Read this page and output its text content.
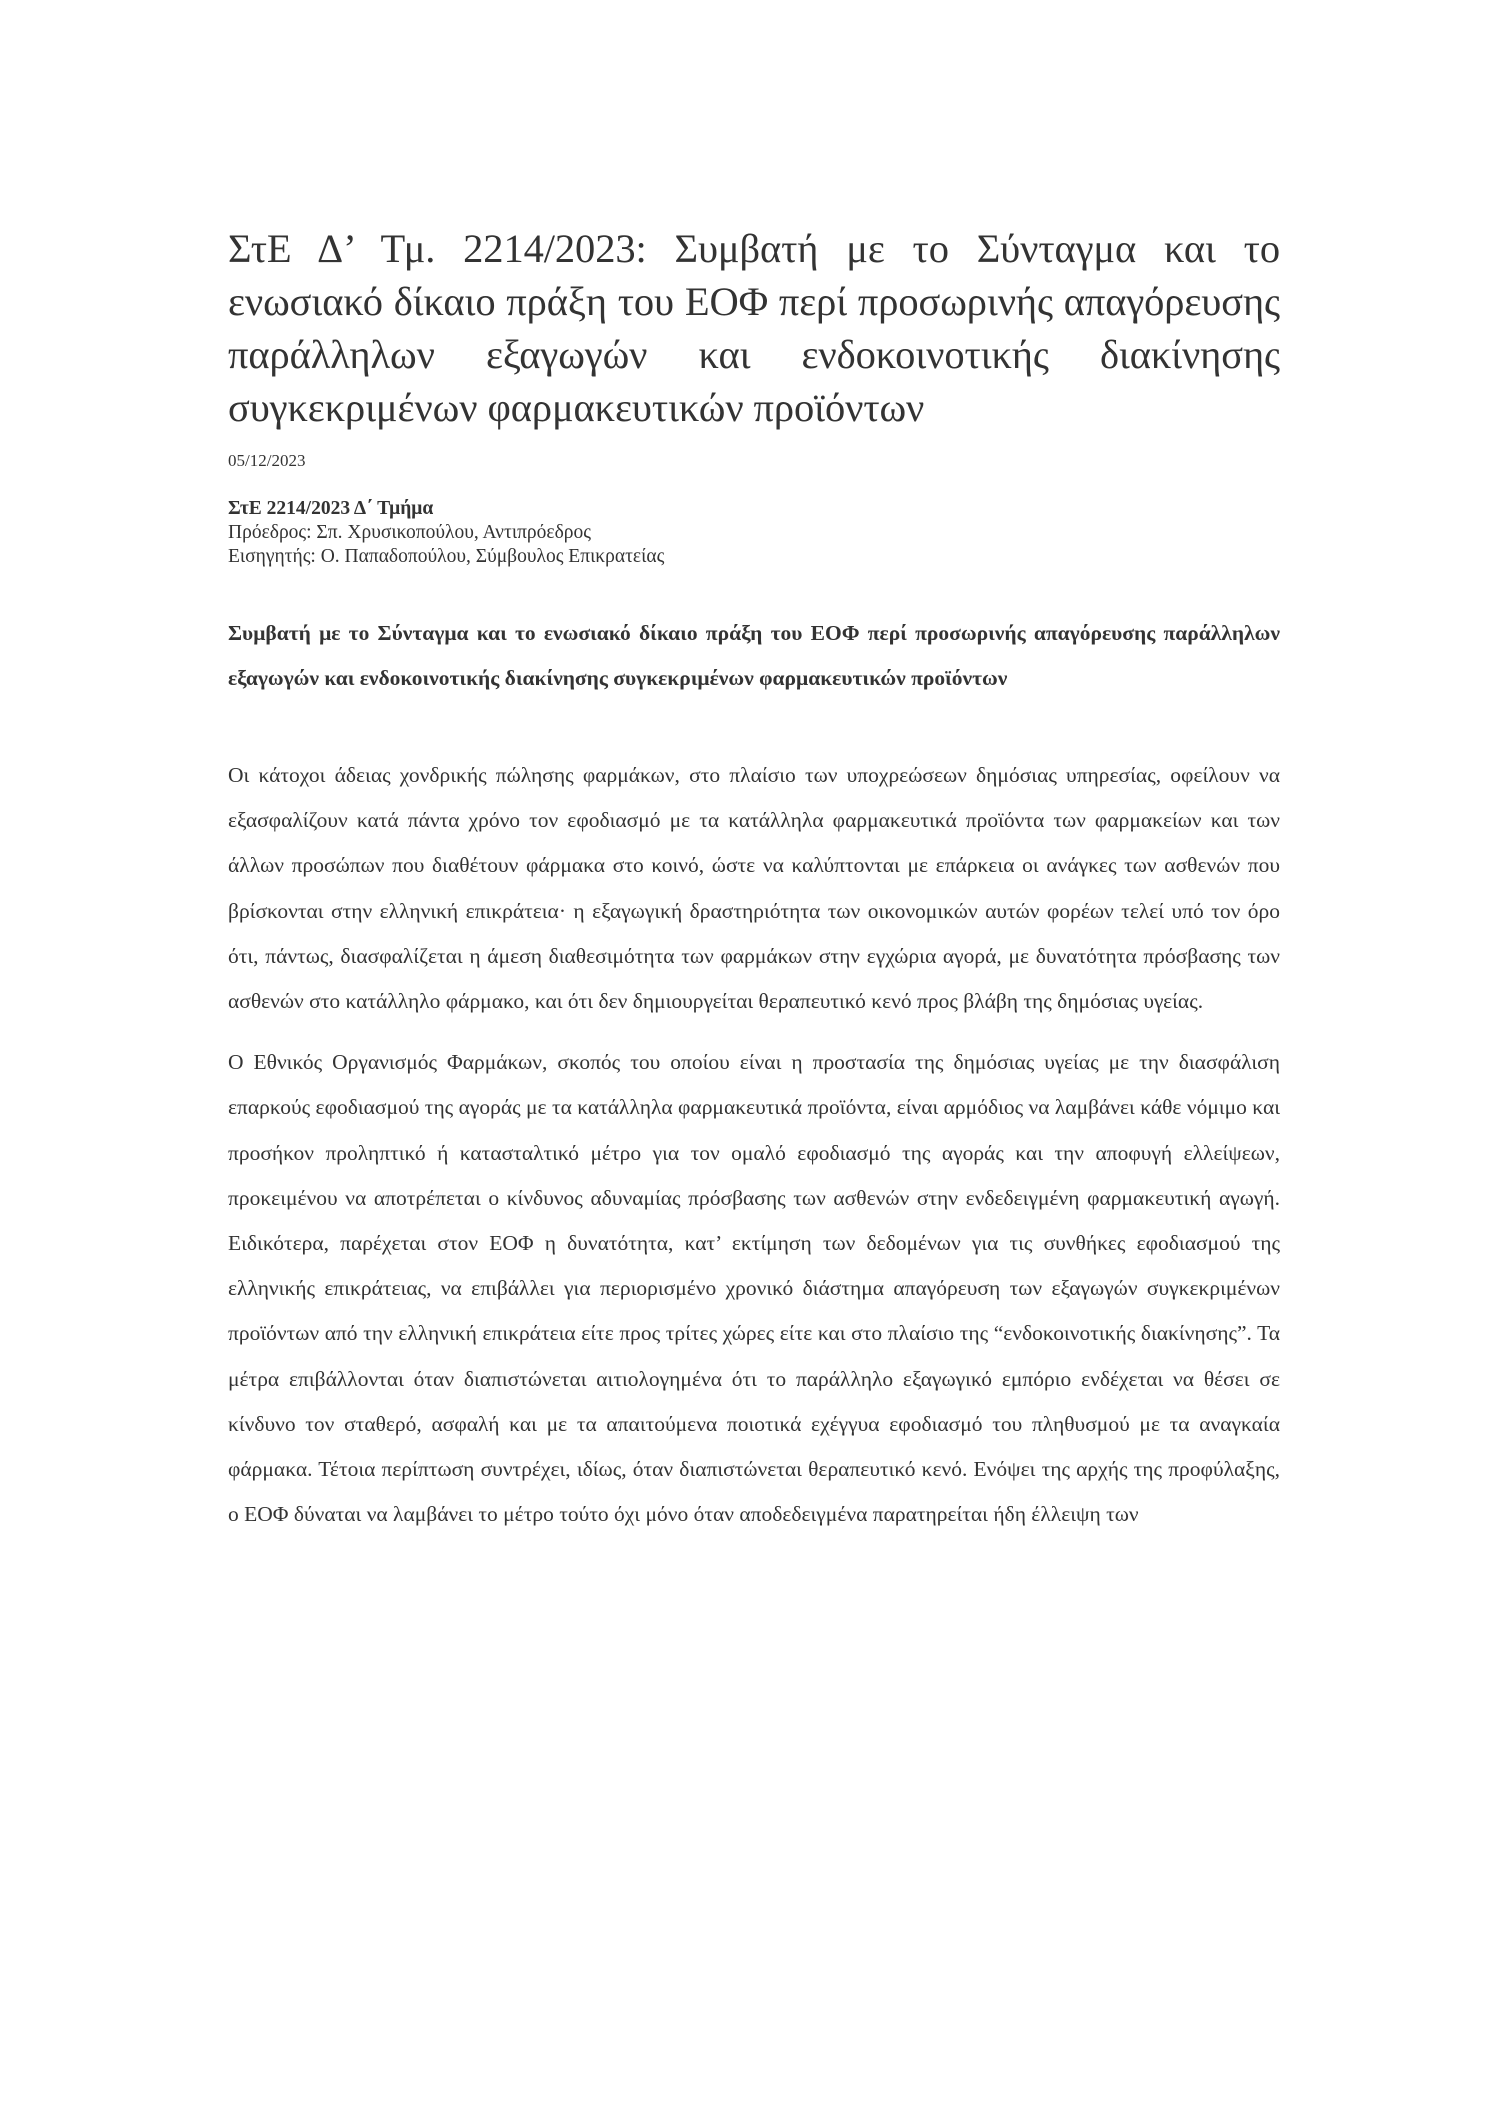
ΣτΕ Δ’ Τμ. 2214/2023: Συμβατή με το Σύνταγμα και το ενωσιακό δίκαιο πράξη του ΕΟΦ περί προσωρινής απαγόρευσης παράλληλων εξαγωγών και ενδοκοινοτικής διακίνησης συγκεκριμένων φαρμακευτικών προϊόντων
05/12/2023
ΣτΕ 2214/2023 Δ΄ Τμήμα
Πρόεδρος: Σπ. Χρυσικοπούλου, Αντιπρόεδρος
Εισηγητής: Ο. Παπαδοπούλου, Σύμβουλος Επικρατείας
Συμβατή με το Σύνταγμα και το ενωσιακό δίκαιο πράξη του ΕΟΦ περί προσωρινής απαγόρευσης παράλληλων εξαγωγών και ενδοκοινοτικής διακίνησης συγκεκριμένων φαρμακευτικών προϊόντων

Οι κάτοχοι άδειας χονδρικής πώλησης φαρμάκων, στο πλαίσιο των υποχρεώσεων δημόσιας υπηρεσίας, οφείλουν να εξασφαλίζουν κατά πάντα χρόνο τον εφοδιασμό με τα κατάλληλα φαρμακευτικά προϊόντα των φαρμακείων και των άλλων προσώπων που διαθέτουν φάρμακα στο κοινό, ώστε να καλύπτονται με επάρκεια οι ανάγκες των ασθενών που βρίσκονται στην ελληνική επικράτεια· η εξαγωγική δραστηριότητα των οικονομικών αυτών φορέων τελεί υπό τον όρο ότι, πάντως, διασφαλίζεται η άμεση διαθεσιμότητα των φαρμάκων στην εγχώρια αγορά, με δυνατότητα πρόσβασης των ασθενών στο κατάλληλο φάρμακο, και ότι δεν δημιουργείται θεραπευτικό κενό προς βλάβη της δημόσιας υγείας.

Ο Εθνικός Οργανισμός Φαρμάκων, σκοπός του οποίου είναι η προστασία της δημόσιας υγείας με την διασφάλιση επαρκούς εφοδιασμού της αγοράς με τα κατάλληλα φαρμακευτικά προϊόντα, είναι αρμόδιος να λαμβάνει κάθε νόμιμο και προσήκον προληπτικό ή κατασταλτικό μέτρο για τον ομαλό εφοδιασμό της αγοράς και την αποφυγή ελλείψεων, προκειμένου να αποτρέπεται ο κίνδυνος αδυναμίας πρόσβασης των ασθενών στην ενδεδειγμένη φαρμακευτική αγωγή. Ειδικότερα, παρέχεται στον ΕΟΦ η δυνατότητα, κατ’ εκτίμηση των δεδομένων για τις συνθήκες εφοδιασμού της ελληνικής επικράτειας, να επιβάλλει για περιορισμένο χρονικό διάστημα απαγόρευση των εξαγωγών συγκεκριμένων προϊόντων από την ελληνική επικράτεια είτε προς τρίτες χώρες είτε και στο πλαίσιο της “ενδοκοινοτικής διακίνησης”. Τα μέτρα επιβάλλονται όταν διαπιστώνεται αιτιολογημένα ότι το παράλληλο εξαγωγικό εμπόριο ενδέχεται να θέσει σε κίνδυνο τον σταθερό, ασφαλή και με τα απαιτούμενα ποιοτικά εχέγγυα εφοδιασμό του πληθυσμού με τα αναγκαία φάρμακα. Τέτοια περίπτωση συντρέχει, ιδίως, όταν διαπιστώνεται θεραπευτικό κενό. Ενόψει της αρχής της προφύλαξης, ο ΕΟΦ δύναται να λαμβάνει το μέτρο τούτο όχι μόνο όταν αποδεδειγμένα παρατηρείται ήδη έλλειψη των
